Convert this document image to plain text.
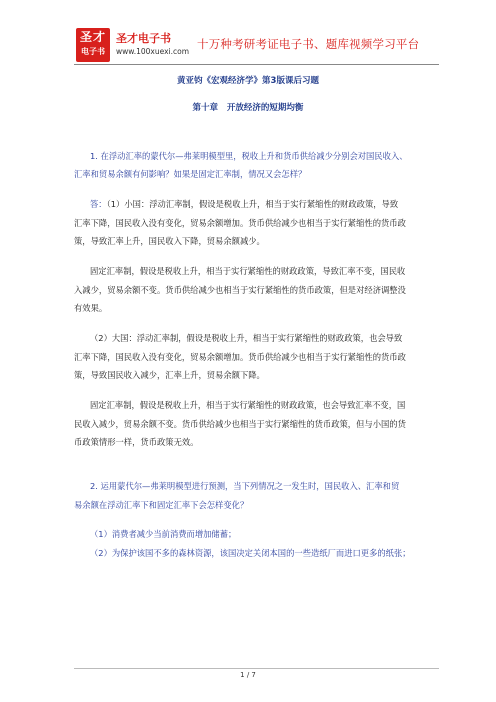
圣才
电子书
圣才电子书
www.100xuexi.com
十万种考研考证电子书、题库视频学习平台
黄亚钧《宏观经济学》第3版课后习题
第十章   开放经济的短期均衡
1. 在浮动汇率的蒙代尔—弗莱明模型里，税收上升和货币供给减少分别会对国民收入、
汇率和贸易余额有何影响？如果是固定汇率制，情况又会怎样？
答：（1）小国：浮动汇率制，假设是税收上升，相当于实行紧缩性的财政政策，导致
汇率下降，国民收入没有变化，贸易余额增加。货币供给减少也相当于实行紧缩性的货币政
策，导致汇率上升，国民收入下降，贸易余额减少。
固定汇率制，假设是税收上升，相当于实行紧缩性的财政政策，导致汇率不变，国民收
入减少，贸易余额不变。货币供给减少也相当于实行紧缩性的货币政策，但是对经济调整没
有效果。
（2）大国：浮动汇率制，假设是税收上升，相当于实行紧缩性的财政政策，也会导致
汇率下降，国民收入没有变化，贸易余额增加。货币供给减少也相当于实行紧缩性的货币政
策，导致国民收入减少，汇率上升，贸易余额下降。
固定汇率制，假设是税收上升，相当于实行紧缩性的财政政策，也会导致汇率不变，国
民收入减少，贸易余额不变。货币供给减少也相当于实行紧缩性的货币政策，但与小国的货
币政策情形一样，货币政策无效。
2. 运用蒙代尔—弗莱明模型进行预测，当下列情况之一发生时，国民收入、汇率和贸
易余额在浮动汇率下和固定汇率下会怎样变化？
（1）消费者减少当前消费而增加储蓄；
（2）为保护该国不多的森林资源，该国决定关闭本国的一些造纸厂而进口更多的纸张；
1 / 7
